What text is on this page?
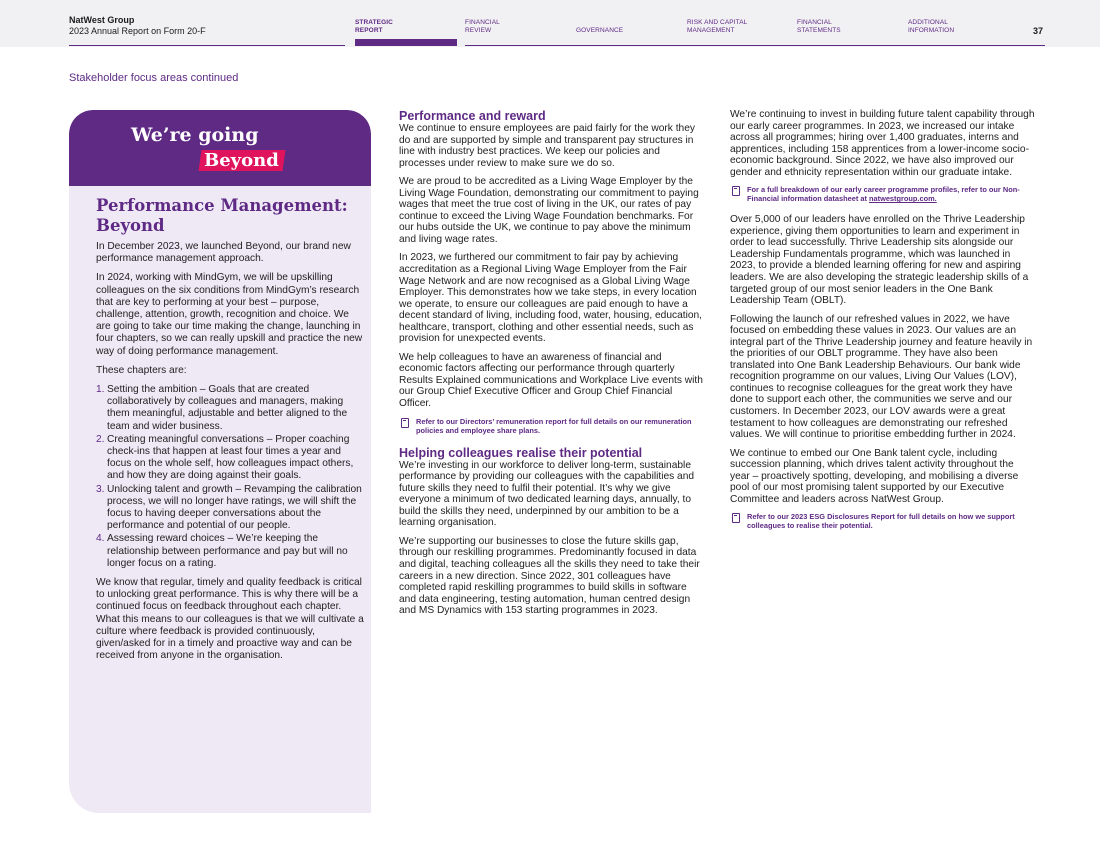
NatWest Group
2023 Annual Report on Form 20-F
STRATEGIC
REPORT
FINANCIAL
REVIEW	GOVERNANCE
RISK AND CAPITAL
MANAGEMENT
FINANCIAL
STATEMENTS
ADDITIONAL
INFORMATION	37
Stakeholder focus areas continued
We’re going
Beyond
Performance Management: Beyond

In December 2023, we launched Beyond, our brand new performance management approach.

In 2024, working with MindGym, we will be upskilling colleagues on the six conditions from MindGym’s research that are key to performing at your best – purpose, challenge, attention, growth, recognition and choice. We are going to take our time making the change, launching in four chapters, so we can really upskill and practice the new way of doing performance management.

These chapters are:

1. Setting the ambition – Goals that are created collaboratively by colleagues and managers, making them meaningful, adjustable and better aligned to the team and wider business.
2. Creating meaningful conversations – Proper coaching check-ins that happen at least four times a year and focus on the whole self, how colleagues impact others, and how they are doing against their goals.
3. Unlocking talent and growth – Revamping the calibration process, we will no longer have ratings, we will shift the focus to having deeper conversations about the performance and potential of our people.
4. Assessing reward choices – We’re keeping the relationship between performance and pay but will no longer focus on a rating.

We know that regular, timely and quality feedback is critical to unlocking great performance. This is why there will be a continued focus on feedback throughout each chapter. What this means to our colleagues is that we will cultivate a culture where feedback is provided continuously, given/asked for in a timely and proactive way and can be received from anyone in the organisation.

Performance and reward

We continue to ensure employees are paid fairly for the work they do and are supported by simple and transparent pay structures in line with industry best practices. We keep our policies and processes under review to make sure we do so.

We are proud to be accredited as a Living Wage Employer by the Living Wage Foundation, demonstrating our commitment to paying wages that meet the true cost of living in the UK, our rates of pay continue to exceed the Living Wage Foundation benchmarks. For our hubs outside the UK, we continue to pay above the minimum and living wage rates.

In 2023, we furthered our commitment to fair pay by achieving accreditation as a Regional Living Wage Employer from the Fair Wage Network and are now recognised as a Global Living Wage Employer. This demonstrates how we take steps, in every location we operate, to ensure our colleagues are paid enough to have a decent standard of living, including food, water, housing, education, healthcare, transport, clothing and other essential needs, such as provision for unexpected events.

We help colleagues to have an awareness of financial and economic factors affecting our performance through quarterly Results Explained communications and Workplace Live events with our Group Chief Executive Officer and Group Chief Financial Officer.

Refer to our Directors’ remuneration report for full details on our remuneration policies and employee share plans.
Helping colleagues realise their potential

We’re investing in our workforce to deliver long-term, sustainable performance by providing our colleagues with the capabilities and future skills they need to fulfil their potential. It’s why we give everyone a minimum of two dedicated learning days, annually, to build the skills they need, underpinned by our ambition to be a learning organisation.

We’re supporting our businesses to close the future skills gap, through our reskilling programmes. Predominantly focused in data and digital, teaching colleagues all the skills they need to take their careers in a new direction. Since 2022, 301 colleagues have completed rapid reskilling programmes to build skills in software and data engineering, testing automation, human centred design and MS Dynamics with 153 starting programmes in 2023.

We’re continuing to invest in building future talent capability through our early career programmes. In 2023, we increased our intake across all programmes; hiring over 1,400 graduates, interns and apprentices, including 158 apprentices from a lower-income socio-economic background. Since 2022, we have also improved our gender and ethnicity representation within our graduate intake.

For a full breakdown of our early career programme profiles, refer to our Non-Financial information datasheet at natwestgroup.com.

Over 5,000 of our leaders have enrolled on the Thrive Leadership experience, giving them opportunities to learn and experiment in order to lead successfully. Thrive Leadership sits alongside our Leadership Fundamentals programme, which was launched in 2023, to provide a blended learning offering for new and aspiring leaders. We are also developing the strategic leadership skills of a targeted group of our most senior leaders in the One Bank Leadership Team (OBLT).

Following the launch of our refreshed values in 2022, we have focused on embedding these values in 2023. Our values are an integral part of the Thrive Leadership journey and feature heavily in the priorities of our OBLT programme. They have also been translated into One Bank Leadership Behaviours. Our bank wide recognition programme on our values, Living Our Values (LOV), continues to recognise colleagues for the great work they have done to support each other, the communities we serve and our customers. In December 2023, our LOV awards were a great testament to how colleagues are demonstrating our refreshed values. We will continue to prioritise embedding further in 2024.

We continue to embed our One Bank talent cycle, including succession planning, which drives talent activity throughout the year – proactively spotting, developing, and mobilising a diverse pool of our most promising talent supported by our Executive Committee and leaders across NatWest Group.

Refer to our 2023 ESG Disclosures Report for full details on how we support colleagues to realise their potential.
